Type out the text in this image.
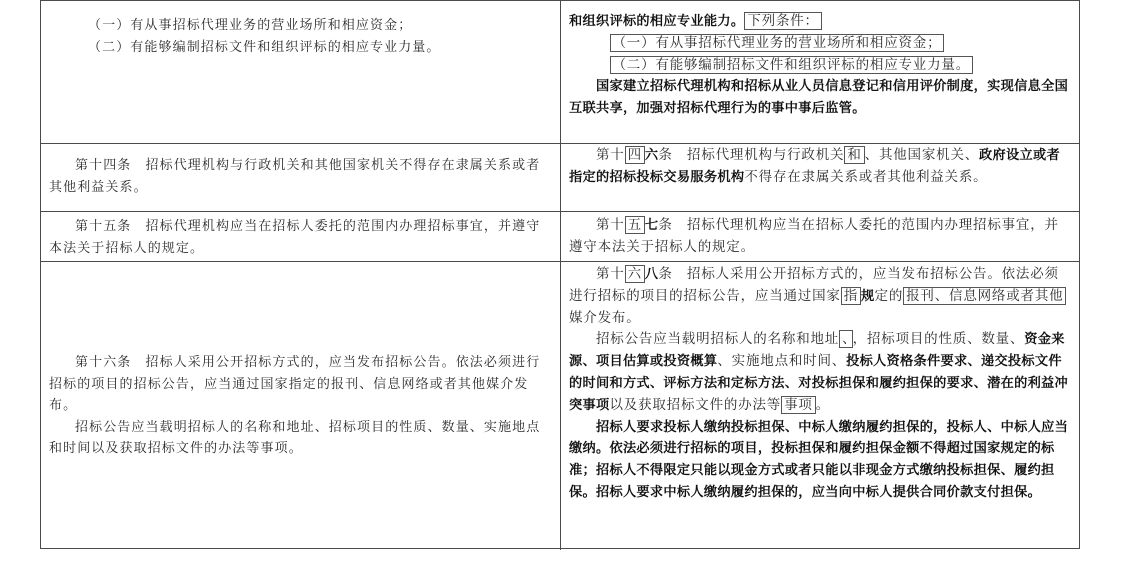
（一）有从事招标代理业务的营业场所和相应资金；

（二）有能够编制招标文件和组织评标的相应专业力量。

和组织评标的相应专业能力。 下列条件：

（一）有从事招标代理业务的营业场所和相应资金；

（二）有能够编制招标文件和组织评标的相应专业力量。

国家建立招标代理机构和招标从业人员信息登记和信用评价制度，实现信息全国互联共享，加强对招标代理行为的事中事后监管。

第十四条　招标代理机构与行政机关和其他国家机关不得存在隶属关系或者其他利益关系。

第十 四 六条　招标代理机构与行政机关 和 、其他国家机关、政府设立或者指定的招标投标交易服务机构不得存在隶属关系或者其他利益关系。

第十五条　招标代理机构应当在招标人委托的范围内办理招标事宜，并遵守本法关于招标人的规定。

第十 五 七条　招标代理机构应当在招标人委托的范围内办理招标事宜，并遵守本法关于招标人的规定。

第十六条　招标人采用公开招标方式的，应当发布招标公告。依法必须进行招标的项目的招标公告，应当通过国家指定的报刊、信息网络或者其他媒介发布。

招标公告应当载明招标人的名称和地址、招标项目的性质、数量、实施地点和时间以及获取招标文件的办法等事项。

第十 六 八条　招标人采用公开招标方式的，应当发布招标公告。依法必须进行招标的项目的招标公告，应当通过国家 指 规定的 报刊、信息网络或者其他媒介发布。

招标公告应当载明招标人的名称和地址 、 ，招标项目的性质、数量、资金来源、项目估算或投资概算、实施地点和时间、投标人资格条件要求、递交投标文件的时间和方式、评标方法和定标方法、对投标担保和履约担保的要求、潜在的利益冲突事项以及获取招标文件的办法等 事项 。

招标人要求投标人缴纳投标担保、中标人缴纳履约担保的，投标人、中标人应当缴纳。依法必须进行招标的项目，投标担保和履约担保金额不得超过国家规定的标准；招标人不得限定只能以现金方式或者只能以非现金方式缴纳投标担保、履约担保。招标人要求中标人缴纳履约担保的，应当向中标人提供合同价款支付担保。
